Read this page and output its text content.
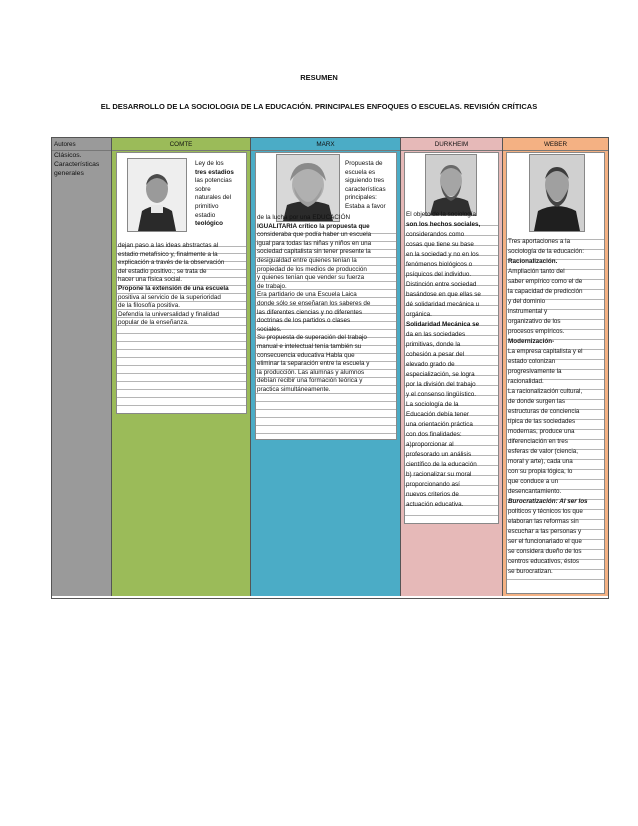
RESUMEN
EL DESARROLLO DE LA SOCIOLOGIA DE LA EDUCACIÓN. PRINCIPALES ENFOQUES O ESCUELAS. REVISIÓN CRÍTICAS
Autores
Clásicos.
Características generales
COMTE
Ley de los
tres estadios
las potencias
sobre
naturales del
primitivo
estadio
teológico
dejan paso a las ideas abstractas al
estadio metafísico y, finalmente a la
explicación a través de la observación
del estadio positivo.; se trata de
hacer una física social.
Propone la extensión de una escuela
positiva al servicio de la superioridad
de la filosofía positiva.
Defendía la universalidad y finalidad
popular de la enseñanza.
MARX
Propuesta de
escuela es
siguiendo tres
características
principales:
Estaba a favor
de la lucha por una EDUCACIÓN
IGUALITARIA crítico la propuesta que
consideraba que podía haber un escuela
igual para todas las niñas y niños en una
sociedad capitalista sin tener presente la
desigualdad entre quienes tenían la
propiedad de los medios de producción
y quienes tenían que vender su fuerza
de trabajo.
Era partidario de una Escuela Laica
donde sólo se enseñaran los saberes de
las diferentes ciencias y no diferentes
doctrinas de los partidos o clases
sociales.
Su propuesta de superación del trabajo
manual e intelectual tenía también su
consecuencia educativa Habla que
eliminar la separación entre la escuela y
la producción. Las alumnas y alumnos
debían recibir una formación teórica y
practica simultáneamente.
DURKHEIM
El objeto de la sociología
son los hechos sociales,
considerandos como
cosas que tiene su base
en la sociedad y no en los
fenómenos biológicos o
psíquicos del individuo.
Distinción entre sociedad
basándose en que ellas se
dé solidaridad mecánica u
orgánica.
Solidaridad Mecánica se
da en las sociedades
primitivas, donde la
cohesión a pesar del
elevado grado de
especialización, se logra
por la división del trabajo
y el consenso lingüístico.
La sociología de la
Educación debía tener
una orientación práctica
con dos finalidades:
a)proporcionar al
profesorado un análisis
científico de la educación
b) racionalizar su moral
proporcionando así
nuevos criterios de
actuación educativa.
WEBER
Tres aportaciones a la
sociología de la educación:
Racionalización.
Ampliación tanto del
saber empírico como el de
la capacidad de predicción
y del dominio
instrumental y
organizativo de los
procesos empíricos.
Modernización-
La empresa capitalista y el
estado colonizan
progresivamente la
racionalidad.
La racionalización cultural,
de donde surgen las
estructuras de conciencia
típica de las sociedades
modernas, produce una
diferenciación en tres
esferas de valor (ciencia,
moral y arte), cada una
con su propia lógica, lo
que conduce a un
desencantamiento.
Burocratización: Al ser los
políticos y técnicos los que
elaboran las reformas sin
escuchar a las personas y
ser el funcionariado el que
se considera dueño de los
centros educativos, éstos
se burocratizan.
